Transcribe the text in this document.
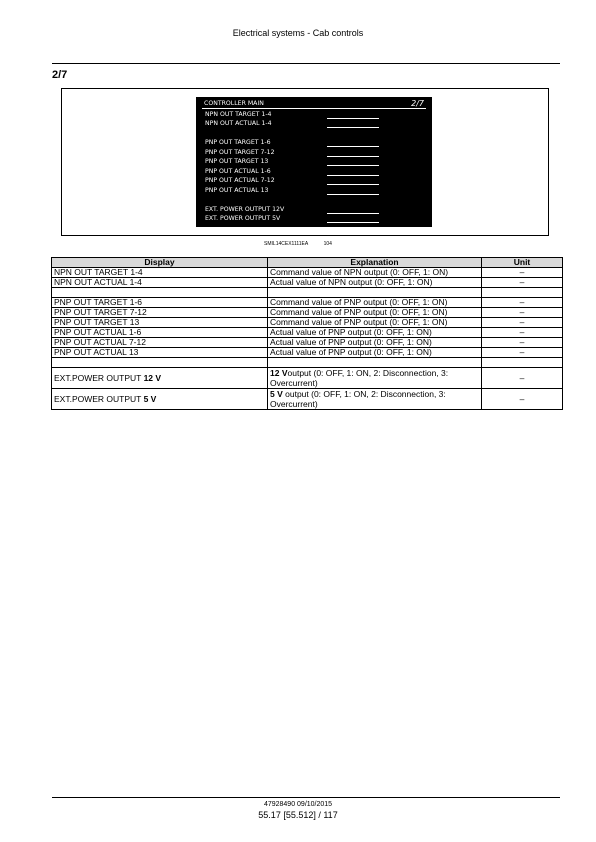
Electrical systems - Cab controls
2/7
CONTROLLER MAIN	2/7
NPN OUT TARGET 1-4
NPN OUT ACTUAL 1-4
PNP OUT TARGET 1-6
PNP OUT TARGET 7-12
PNP OUT TARGET 13
PNP OUT ACTUAL 1-6
PNP OUT ACTUAL 7-12
PNP OUT ACTUAL 13
EXT. POWER OUTPUT 12V
EXT. POWER OUTPUT 5V
SMIL14CEX1111EA	104
Display	Explanation	Unit
NPN OUT TARGET 1-4	Command value of NPN output (0: OFF, 1: ON)	–
NPN OUT ACTUAL 1-4	Actual value of NPN output (0: OFF, 1: ON)	–

PNP OUT TARGET 1-6	Command value of PNP output (0: OFF, 1: ON)	–
PNP OUT TARGET 7-12	Command value of PNP output (0: OFF, 1: ON)	–
PNP OUT TARGET 13	Command value of PNP output (0: OFF, 1: ON)	–
PNP OUT ACTUAL 1-6	Actual value of PNP output (0: OFF, 1: ON)	–
PNP OUT ACTUAL 7-12	Actual value of PNP output (0: OFF, 1: ON)	–
PNP OUT ACTUAL 13	Actual value of PNP output (0: OFF, 1: ON)	–

EXT.POWER OUTPUT 12 V	12 Voutput (0: OFF, 1: ON, 2: Disconnection, 3: Overcurrent)	–
EXT.POWER OUTPUT 5 V	5 V output (0: OFF, 1: ON, 2: Disconnection, 3: Overcurrent)	–
47928490 09/10/2015
55.17 [55.512] / 117
